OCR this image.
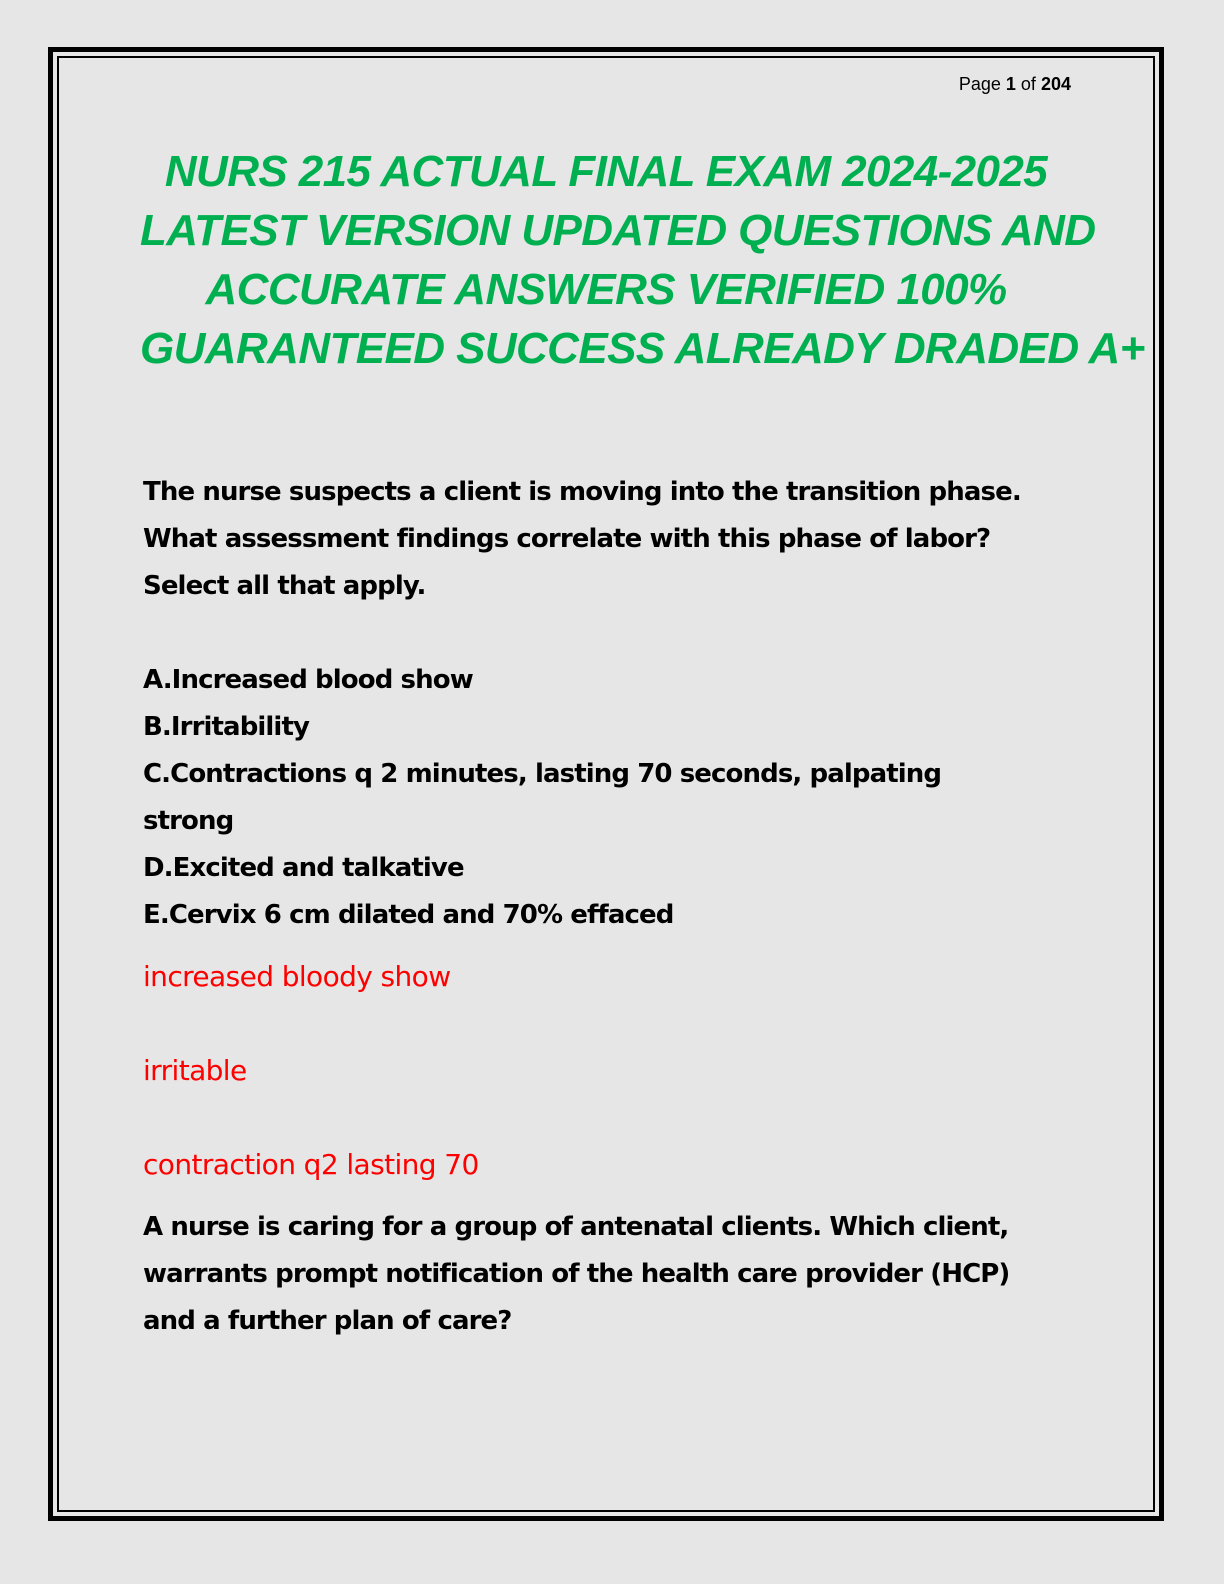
Page 1 of 204
NURS 215 ACTUAL FINAL EXAM 2024-2025
LATEST VERSION UPDATED QUESTIONS AND
ACCURATE ANSWERS VERIFIED 100%
GUARANTEED SUCCESS ALREADY DRADED A+
The nurse suspects a client is moving into the transition phase.
What assessment findings correlate with this phase of labor?
Select all that apply.
A.Increased blood show
B.Irritability
C.Contractions q 2 minutes, lasting 70 seconds, palpating
strong
D.Excited and talkative
E.Cervix 6 cm dilated and 70% effaced
increased bloody show
irritable
contraction q2 lasting 70
A nurse is caring for a group of antenatal clients. Which client,
warrants prompt notification of the health care provider (HCP)
and a further plan of care?
